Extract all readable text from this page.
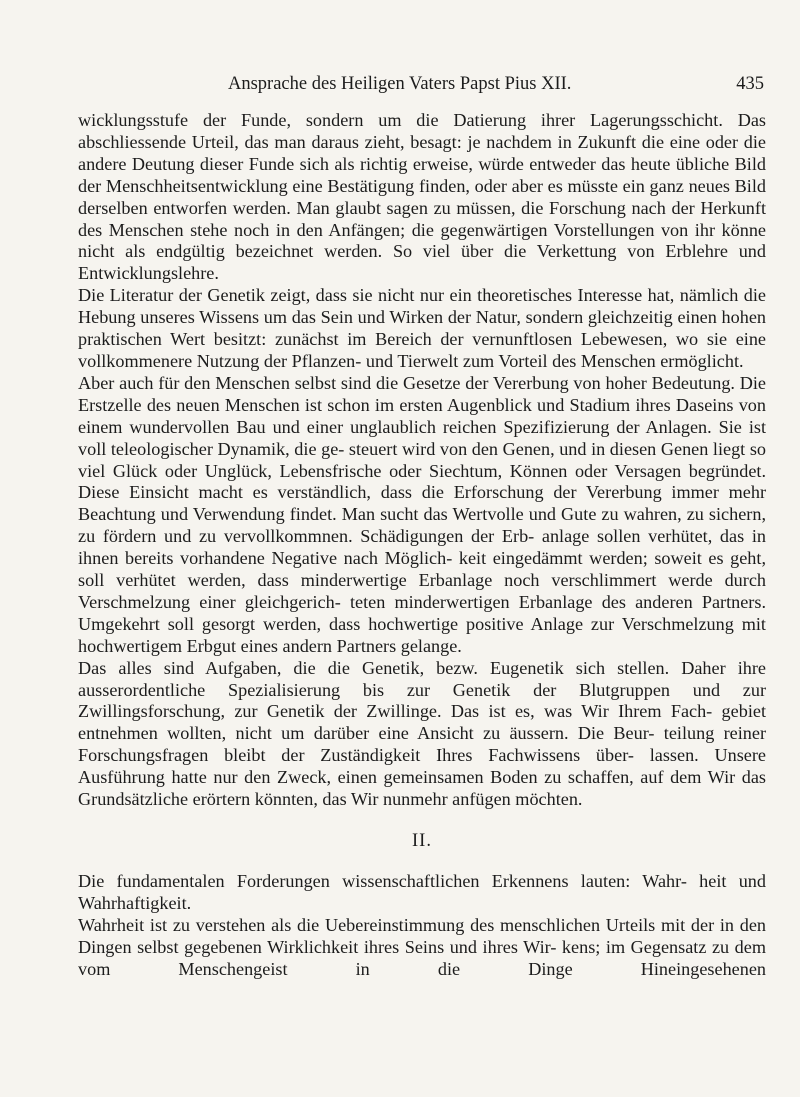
Ansprache des Heiligen Vaters Papst Pius XII.	435

wicklungsstufe der Funde, sondern um die Datierung ihrer Lagerungsschicht. Das abschliessende Urteil, das man daraus zieht, besagt: je nachdem in Zukunft die eine oder die andere Deutung dieser Funde sich als richtig erweise, würde entweder das heute übliche Bild der Menschheitsentwicklung eine Bestätigung finden, oder aber es müsste ein ganz neues Bild derselben entworfen werden. Man glaubt sagen zu müssen, die Forschung nach der Herkunft des Menschen stehe noch in den Anfängen; die gegenwärtigen Vorstellungen von ihr könne nicht als endgültig bezeichnet werden. So viel über die Verkettung von Erblehre und Entwicklungslehre.

Die Literatur der Genetik zeigt, dass sie nicht nur ein theoretisches Interesse hat, nämlich die Hebung unseres Wissens um das Sein und Wirken der Natur, sondern gleichzeitig einen hohen praktischen Wert besitzt: zunächst im Bereich der vernunftlosen Lebewesen, wo sie eine vollkommenere Nutzung der Pflanzen- und Tierwelt zum Vorteil des Menschen ermöglicht.

Aber auch für den Menschen selbst sind die Gesetze der Vererbung von hoher Bedeutung. Die Erstzelle des neuen Menschen ist schon im ersten Augenblick und Stadium ihres Daseins von einem wundervollen Bau und einer unglaublich reichen Spezifizierung der Anlagen. Sie ist voll teleologischer Dynamik, die ge- steuert wird von den Genen, und in diesen Genen liegt so viel Glück oder Unglück, Lebensfrische oder Siechtum, Können oder Versagen begründet. Diese Einsicht macht es verständlich, dass die Erforschung der Vererbung immer mehr Beachtung und Verwendung findet. Man sucht das Wertvolle und Gute zu wahren, zu sichern, zu fördern und zu vervollkommnen. Schädigungen der Erb- anlage sollen verhütet, das in ihnen bereits vorhandene Negative nach Möglich- keit eingedämmt werden; soweit es geht, soll verhütet werden, dass minderwertige Erbanlage noch verschlimmert werde durch Verschmelzung einer gleichgerich- teten minderwertigen Erbanlage des anderen Partners. Umgekehrt soll gesorgt werden, dass hochwertige positive Anlage zur Verschmelzung mit hochwertigem Erbgut eines andern Partners gelange.

Das alles sind Aufgaben, die die Genetik, bezw. Eugenetik sich stellen. Daher ihre ausserordentliche Spezialisierung bis zur Genetik der Blutgruppen und zur Zwillingsforschung, zur Genetik der Zwillinge. Das ist es, was Wir Ihrem Fach- gebiet entnehmen wollten, nicht um darüber eine Ansicht zu äussern. Die Beur- teilung reiner Forschungsfragen bleibt der Zuständigkeit Ihres Fachwissens über- lassen. Unsere Ausführung hatte nur den Zweck, einen gemeinsamen Boden zu schaffen, auf dem Wir das Grundsätzliche erörtern könnten, das Wir nunmehr anfügen möchten.

II.

Die fundamentalen Forderungen wissenschaftlichen Erkennens lauten: Wahr- heit und Wahrhaftigkeit.

Wahrheit ist zu verstehen als die Uebereinstimmung des menschlichen Urteils mit der in den Dingen selbst gegebenen Wirklichkeit ihres Seins und ihres Wir- kens; im Gegensatz zu dem vom Menschengeist in die Dinge Hineingesehenen
